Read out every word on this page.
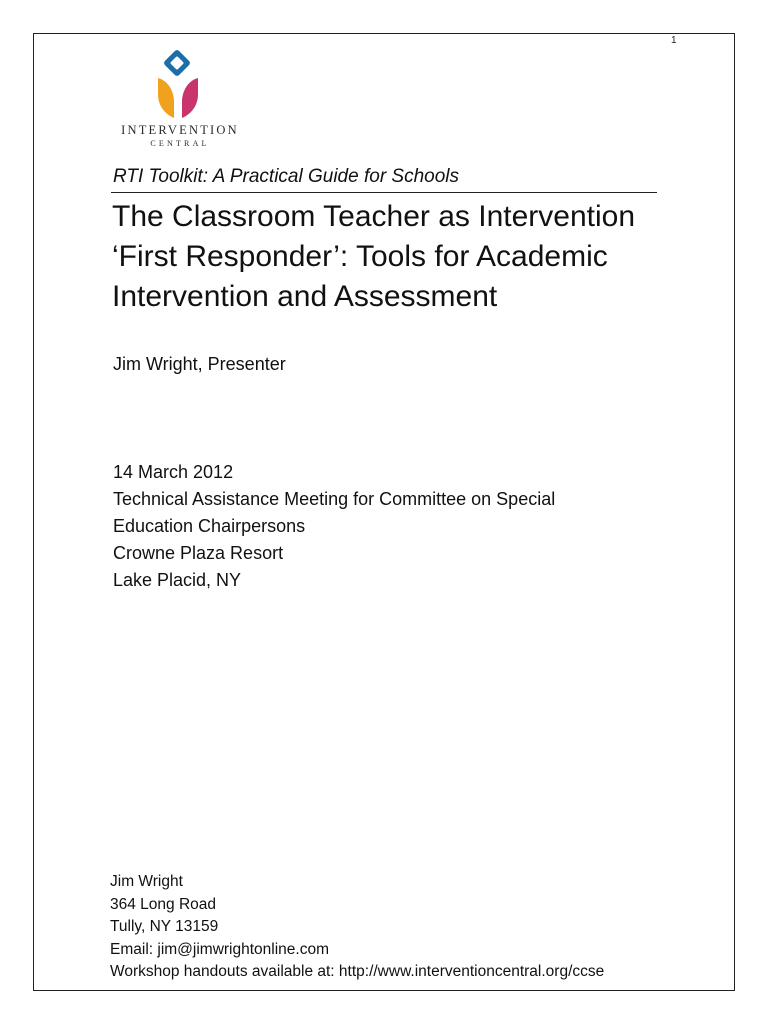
1
INTERVENTION
CENTRAL
RTI Toolkit: A Practical Guide for Schools
The Classroom Teacher as Intervention
‘First Responder’: Tools for Academic
Intervention and Assessment
Jim Wright, Presenter
14 March 2012
Technical Assistance Meeting for Committee on Special
Education Chairpersons
Crowne Plaza Resort
Lake Placid, NY
Jim Wright
364 Long Road
Tully, NY 13159
Email: jim@jimwrightonline.com
Workshop handouts available at: http://www.interventioncentral.org/ccse
